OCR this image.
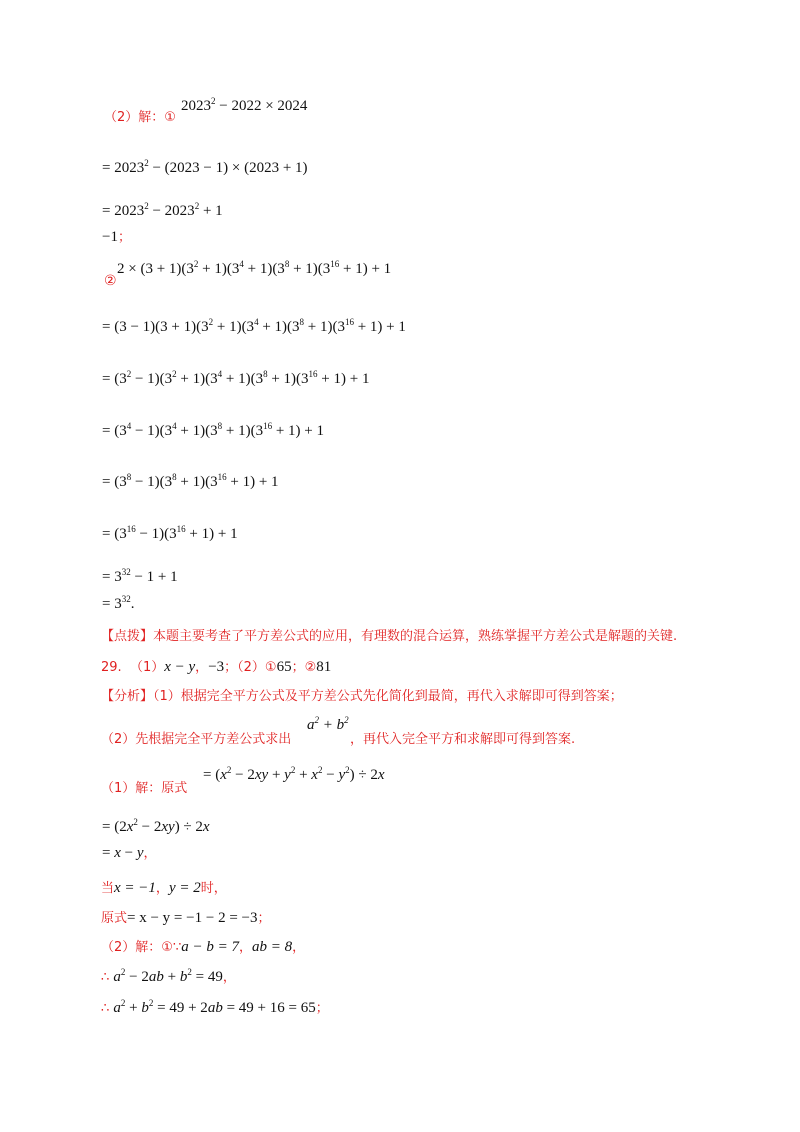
（2）解：①
$2023^2 - 2022 \times 2024$
= $2023^2 - (2023 - 1) \times (2023 + 1)$
= $2023^2 - 2023^2 + 1$
−1；
②
$2 \times (3 + 1)(3^2 + 1)(3^4 + 1)(3^8 + 1)(3^{16} + 1) + 1$
= $(3 - 1)(3 + 1)(3^2 + 1)(3^4 + 1)(3^8 + 1)(3^{16} + 1) + 1$
= $(3^2 - 1)(3^2 + 1)(3^4 + 1)(3^8 + 1)(3^{16} + 1) + 1$
= $(3^4 - 1)(3^4 + 1)(3^8 + 1)(3^{16} + 1) + 1$
= $(3^8 - 1)(3^8 + 1)(3^{16} + 1) + 1$
= $(3^{16} - 1)(3^{16} + 1) + 1$
= $3^{32} - 1 + 1$
= $3^{32}$.
【点拨】本题主要考查了平方差公式的应用，有理数的混合运算，熟练掌握平方差公式是解题的关键.
29. （1）x − y，−3；（2）①65；②81
【分析】（1）根据完全平方公式及平方差公式先化简化到最简，再代入求解即可得到答案；
（2）先根据完全平方差公式求出
$a^2 + b^2$
，再代入完全平方和求解即可得到答案.
（1）解：原式
= $(x^2 - 2xy + y^2 + x^2 - y^2) \div 2x$
= $(2x^2 - 2xy) \div 2x$
= x − y，
当x = −1，y = 2时，
原式= x − y = −1 − 2 = −3；
（2）解：①∵a − b = 7，ab = 8，
∴ $a^2 - 2ab + b^2 = 49$，
∴ $a^2 + b^2 = 49 + 2ab = 49 + 16 = 65$；
